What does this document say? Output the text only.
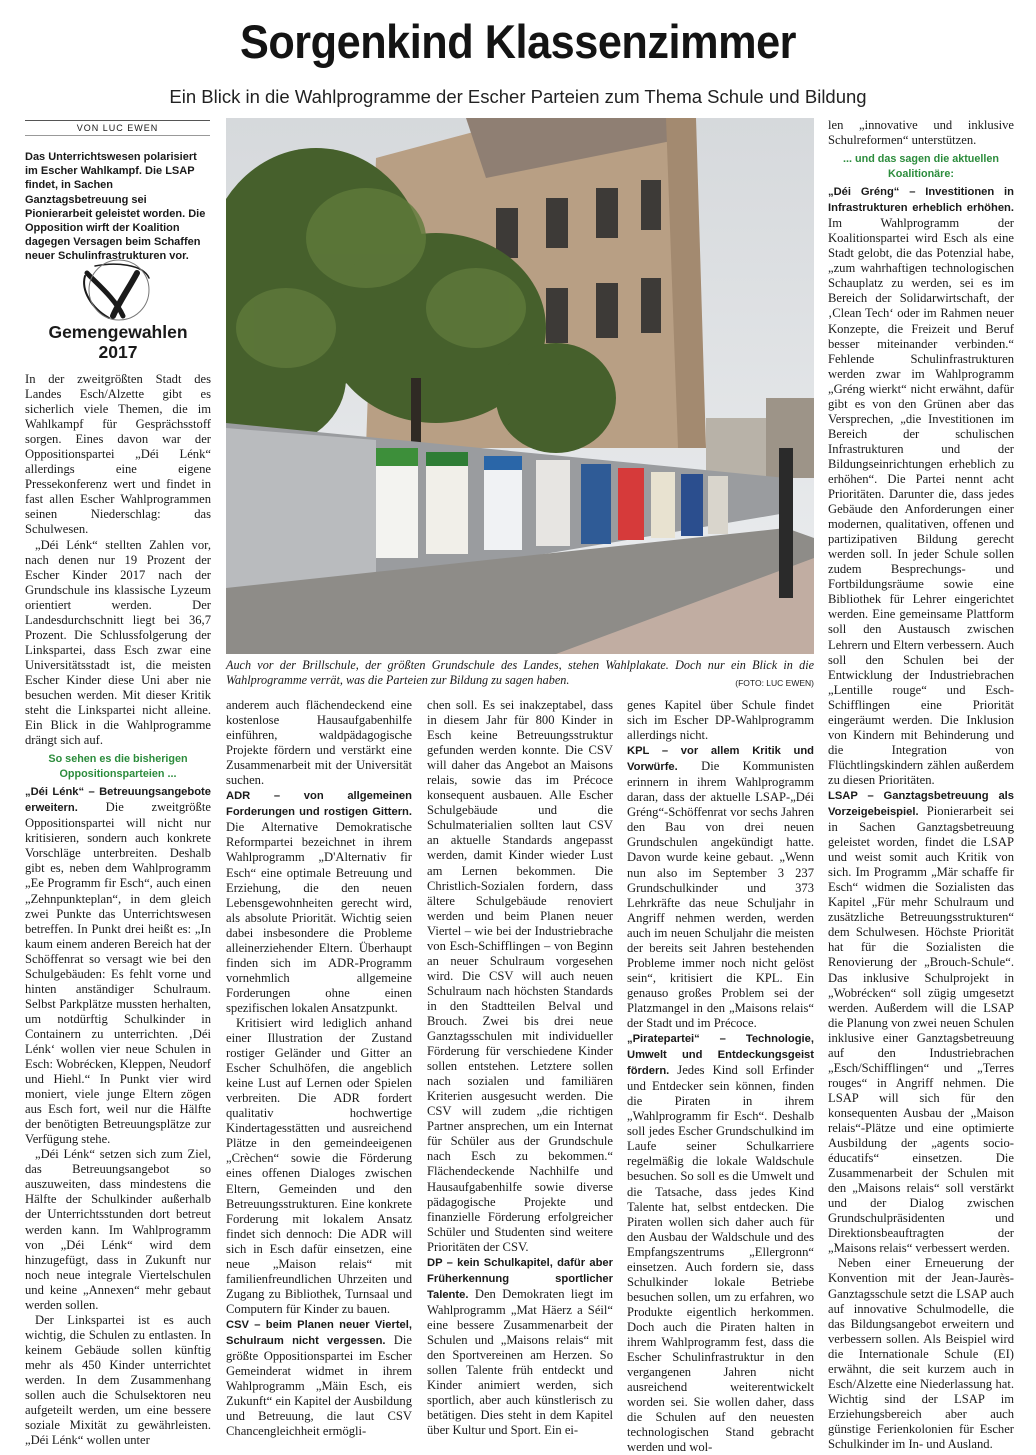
Sorgenkind Klassenzimmer
Ein Blick in die Wahlprogramme der Escher Parteien zum Thema Schule und Bildung
VON LUC EWEN
Das Unterrichtswesen polarisiert im Escher Wahlkampf. Die LSAP findet, in Sachen Ganztagsbetreuung sei Pionierarbeit geleistet worden. Die Opposition wirft der Koalition dagegen Versagen beim Schaffen neuer Schulinfrastrukturen vor.
Gemengewahlen
2017
Auch vor der Brillschule, der größten Grundschule des Landes, stehen Wahlplakate. Doch nur ein Blick in die Wahlprogramme verrät, was die Parteien zur Bildung zu sagen haben.	(FOTO: LUC EWEN)

In der zweitgrößten Stadt des Landes Esch/Alzette gibt es sicherlich viele Themen, die im Wahlkampf für Gesprächsstoff sorgen. Eines davon war der Oppositionspartei „Déi Lénk“ allerdings eine eigene Pressekonferenz wert und findet in fast allen Escher Wahlprogrammen seinen Niederschlag: das Schulwesen.

„Déi Lénk“ stellten Zahlen vor, nach denen nur 19 Prozent der Escher Kinder 2017 nach der Grundschule ins klassische Lyzeum orientiert werden. Der Landesdurchschnitt liegt bei 36,7 Prozent. Die Schlussfolgerung der Linkspartei, dass Esch zwar eine Universitätsstadt ist, die meisten Escher Kinder diese Uni aber nie besuchen werden. Mit dieser Kritik steht die Linkspartei nicht alleine. Ein Blick in die Wahlprogramme drängt sich auf.

So sehen es die bisherigen Oppositionsparteien ...

„Déi Lénk“ – Betreuungsangebote erweitern. Die zweitgrößte Oppositionspartei will nicht nur kritisieren, sondern auch konkrete Vorschläge unterbreiten. Deshalb gibt es, neben dem Wahlprogramm „Ee Programm fir Esch“, auch einen „Zehnpunkteplan“, in dem gleich zwei Punkte das Unterrichtswesen betreffen. In Punkt drei heißt es: „In kaum einem anderen Bereich hat der Schöffenrat so versagt wie bei den Schulgebäuden: Es fehlt vorne und hinten anständiger Schulraum. Selbst Parkplätze mussten herhalten, um notdürftig Schulkinder in Containern zu unterrichten. ‚Déi Lénk‘ wollen vier neue Schulen in Esch: Wobrécken, Kleppen, Neudorf und Hiehl.“ In Punkt vier wird moniert, viele junge Eltern zögen aus Esch fort, weil nur die Hälfte der benötigten Betreuungsplätze zur Verfügung stehe.

„Déi Lénk“ setzen sich zum Ziel, das Betreuungsangebot so auszuweiten, dass mindestens die Hälfte der Schulkinder außerhalb der Unterrichtsstunden dort betreut werden kann. Im Wahlprogramm von „Déi Lénk“ wird dem hinzugefügt, dass in Zukunft nur noch neue integrale Viertelschulen und keine „Annexen“ mehr gebaut werden sollen.

Der Linkspartei ist es auch wichtig, die Schulen zu entlasten. In keinem Gebäude sollen künftig mehr als 450 Kinder unterrichtet werden. In dem Zusammenhang sollen auch die Schulsektoren neu aufgeteilt werden, um eine bessere soziale Mixität zu gewährleisten. „Déi Lénk“ wollen unter

anderem auch flächendeckend eine kostenlose Hausaufgabenhilfe einführen, waldpädagogische Projekte fördern und verstärkt eine Zusammenarbeit mit der Universität suchen.

ADR – von allgemeinen Forderungen und rostigen Gittern. Die Alternative Demokratische Reformpartei bezeichnet in ihrem Wahlprogramm „D'Alternativ fir Esch“ eine optimale Betreuung und Erziehung, die den neuen Lebensgewohnheiten gerecht wird, als absolute Priorität. Wichtig seien dabei insbesondere die Probleme alleinerziehender Eltern. Überhaupt finden sich im ADR-Programm vornehmlich allgemeine Forderungen ohne einen spezifischen lokalen Ansatzpunkt.

Kritisiert wird lediglich anhand einer Illustration der Zustand rostiger Geländer und Gitter an Escher Schulhöfen, die angeblich keine Lust auf Lernen oder Spielen verbreiten. Die ADR fordert qualitativ hochwertige Kindertagesstätten und ausreichend Plätze in den gemeindeeigenen „Crèchen“ sowie die Förderung eines offenen Dialoges zwischen Eltern, Gemeinden und den Betreuungsstrukturen. Eine konkrete Forderung mit lokalem Ansatz findet sich dennoch: Die ADR will sich in Esch dafür einsetzen, eine neue „Maison relais“ mit familienfreundlichen Uhrzeiten und Zugang zu Bibliothek, Turnsaal und Computern für Kinder zu bauen.

CSV – beim Planen neuer Viertel, Schulraum nicht vergessen. Die größte Oppositionspartei im Escher Gemeinderat widmet in ihrem Wahlprogramm „Mäin Esch, eis Zukunft“ ein Kapitel der Ausbildung und Betreuung, die laut CSV Chancengleichheit ermögli-

chen soll. Es sei inakzeptabel, dass in diesem Jahr für 800 Kinder in Esch keine Betreuungsstruktur gefunden werden konnte. Die CSV will daher das Angebot an Maisons relais, sowie das im Précoce konsequent ausbauen. Alle Escher Schulgebäude und die Schulmaterialien sollten laut CSV an aktuelle Standards angepasst werden, damit Kinder wieder Lust am Lernen bekommen. Die Christlich-Sozialen fordern, dass ältere Schulgebäude renoviert werden und beim Planen neuer Viertel – wie bei der Industriebrache von Esch-Schifflingen – von Beginn an neuer Schulraum vorgesehen wird. Die CSV will auch neuen Schulraum nach höchsten Standards in den Stadtteilen Belval und Brouch. Zwei bis drei neue Ganztagsschulen mit individueller Förderung für verschiedene Kinder sollen entstehen. Letztere sollen nach sozialen und familiären Kriterien ausgesucht werden. Die CSV will zudem „die richtigen Partner ansprechen, um ein Internat für Schüler aus der Grundschule nach Esch zu bekommen.“ Flächendeckende Nachhilfe und Hausaufgabenhilfe sowie diverse pädagogische Projekte und finanzielle Förderung erfolgreicher Schüler und Studenten sind weitere Prioritäten der CSV.

DP – kein Schulkapitel, dafür aber Früherkennung sportlicher Talente. Den Demokraten liegt im Wahlprogramm „Mat Häerz a Séil“ eine bessere Zusammenarbeit der Schulen und „Maisons relais“ mit den Sportvereinen am Herzen. So sollen Talente früh entdeckt und Kinder animiert werden, sich sportlich, aber auch künstlerisch zu betätigen. Dies steht in dem Kapitel über Kultur und Sport. Ein ei-

genes Kapitel über Schule findet sich im Escher DP-Wahlprogramm allerdings nicht.

KPL – vor allem Kritik und Vorwürfe. Die Kommunisten erinnern in ihrem Wahlprogramm daran, dass der aktuelle LSAP-„Déi Gréng“-Schöffenrat vor sechs Jahren den Bau von drei neuen Grundschulen angekündigt hatte. Davon wurde keine gebaut. „Wenn nun also im September 3 237 Grundschulkinder und 373 Lehrkräfte das neue Schuljahr in Angriff nehmen werden, werden auch im neuen Schuljahr die meisten der bereits seit Jahren bestehenden Probleme immer noch nicht gelöst sein“, kritisiert die KPL. Ein genauso großes Problem sei der Platzmangel in den „Maisons relais“ der Stadt und im Précoce.

„Piratepartei“ – Technologie, Umwelt und Entdeckungsgeist fördern. Jedes Kind soll Erfinder und Entdecker sein können, finden die Piraten in ihrem „Wahlprogramm fir Esch“. Deshalb soll jedes Escher Grundschulkind im Laufe seiner Schulkarriere regelmäßig die lokale Waldschule besuchen. So soll es die Umwelt und die Tatsache, dass jedes Kind Talente hat, selbst entdecken. Die Piraten wollen sich daher auch für den Ausbau der Waldschule und des Empfangszentrums „Ellergronn“ einsetzen. Auch fordern sie, dass Schulkinder lokale Betriebe besuchen sollen, um zu erfahren, wo Produkte eigentlich herkommen. Doch auch die Piraten halten in ihrem Wahlprogramm fest, dass die Escher Schulinfrastruktur in den vergangenen Jahren nicht ausreichend weiterentwickelt worden sei. Sie wollen daher, dass die Schulen auf den neuesten technologischen Stand gebracht werden und wol-

len „innovative und inklusive Schulreformen“ unterstützen.

... und das sagen die aktuellen Koalitionäre:

„Déi Gréng“ – Investitionen in Infrastrukturen erheblich erhöhen. Im Wahlprogramm der Koalitionspartei wird Esch als eine Stadt gelobt, die das Potenzial habe, „zum wahrhaftigen technologischen Schauplatz zu werden, sei es im Bereich der Solidarwirtschaft, der ‚Clean Tech‘ oder im Rahmen neuer Konzepte, die Freizeit und Beruf besser miteinander verbinden.“ Fehlende Schulinfrastrukturen werden zwar im Wahlprogramm „Gréng wierkt“ nicht erwähnt, dafür gibt es von den Grünen aber das Versprechen, „die Investitionen im Bereich der schulischen Infrastrukturen und der Bildungseinrichtungen erheblich zu erhöhen“. Die Partei nennt acht Prioritäten. Darunter die, dass jedes Gebäude den Anforderungen einer modernen, qualitativen, offenen und partizipativen Bildung gerecht werden soll. In jeder Schule sollen zudem Besprechungs- und Fortbildungsräume sowie eine Bibliothek für Lehrer eingerichtet werden. Eine gemeinsame Plattform soll den Austausch zwischen Lehrern und Eltern verbessern. Auch soll den Schulen bei der Entwicklung der Industriebrachen „Lentille rouge“ und Esch-Schifflingen eine Priorität eingeräumt werden. Die Inklusion von Kindern mit Behinderung und die Integration von Flüchtlingskindern zählen außerdem zu diesen Prioritäten.

LSAP – Ganztagsbetreuung als Vorzeigebeispiel. Pionierarbeit sei in Sachen Ganztagsbetreuung geleistet worden, findet die LSAP und weist somit auch Kritik von sich. Im Programm „Mär schaffe fir Esch“ widmen die Sozialisten das Kapitel „Für mehr Schulraum und zusätzliche Betreuungsstrukturen“ dem Schulwesen. Höchste Priorität hat für die Sozialisten die Renovierung der „Brouch-Schule“. Das inklusive Schulprojekt in „Wobrécken“ soll zügig umgesetzt werden. Außerdem will die LSAP die Planung von zwei neuen Schulen inklusive einer Ganztagsbetreuung auf den Industriebrachen „Esch/Schifflingen“ und „Terres rouges“ in Angriff nehmen. Die LSAP will sich für den konsequenten Ausbau der „Maison relais“-Plätze und eine optimierte Ausbildung der „agents socio-éducatifs“ einsetzen. Die Zusammenarbeit der Schulen mit den „Maisons relais“ soll verstärkt und der Dialog zwischen Grundschulpräsidenten und Direktionsbeauftragten der „Maisons relais“ verbessert werden.

Neben einer Erneuerung der Konvention mit der Jean-Jaurès-Ganztagsschule setzt die LSAP auch auf innovative Schulmodelle, die das Bildungsangebot erweitern und verbessern sollen. Als Beispiel wird die Internationale Schule (EI) erwähnt, die seit kurzem auch in Esch/Alzette eine Niederlassung hat. Wichtig sind der LSAP im Erziehungsbereich aber auch günstige Ferienkolonien für Escher Schulkinder im In- und Ausland.
